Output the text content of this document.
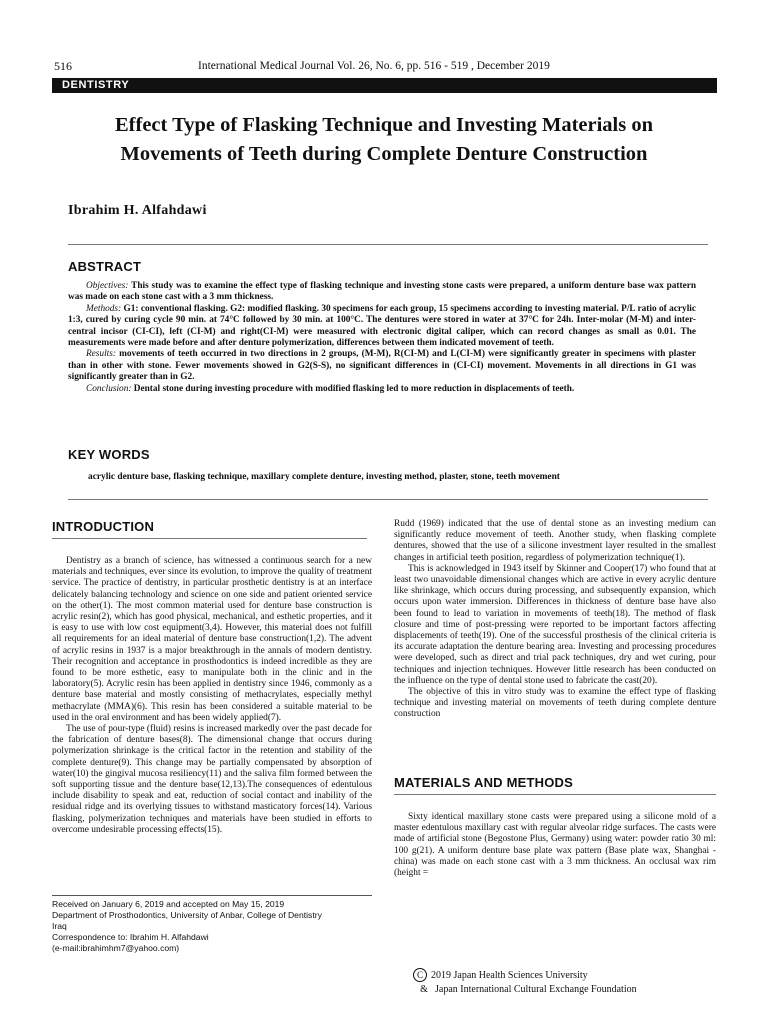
516	International Medical Journal Vol. 26, No. 6, pp. 516 - 519 , December 2019
DENTISTRY
Effect Type of Flasking Technique and Investing Materials on
Movements of Teeth during Complete Denture Construction
Ibrahim H. Alfahdawi
ABSTRACT

Objectives: This study was to examine the effect type of flasking technique and investing stone casts were prepared, a uniform denture base wax pattern was made on each stone cast with a 3 mm thickness.

Methods: G1: conventional flasking. G2: modified flasking. 30 specimens for each group, 15 specimens according to investing material. P/L ratio of acrylic 1:3, cured by curing cycle 90 min. at 74°C followed by 30 min. at 100°C. The dentures were stored in water at 37°C for 24h. Inter-molar (M-M) and inter-central incisor (CI-CI), left (CI-M) and right(CI-M) were measured with electronic digital caliper, which can record changes as small as 0.01. The measurements were made before and after denture polymerization, differences between them indicated movement of teeth.

Results: movements of teeth occurred in two directions in 2 groups, (M-M), R(CI-M) and L(CI-M) were significantly greater in specimens with plaster than in other with stone. Fewer movements showed in G2(S-S), no significant differences in (CI-CI) movement. Movements in all directions in G1 was significantly greater than in G2.

Conclusion: Dental stone during investing procedure with modified flasking led to more reduction in displacements of teeth.

KEY WORDS
acrylic denture base, flasking technique, maxillary complete denture, investing method, plaster, stone, teeth movement
INTRODUCTION

Dentistry as a branch of science, has witnessed a continuous search for a new materials and techniques, ever since its evolution, to improve the quality of treatment service. The practice of dentistry, in particular prosthetic dentistry is at an interface delicately balancing technology and science on one side and patient oriented service on the other(1). The most common material used for denture base construction is acrylic resin(2), which has good physical, mechanical, and esthetic properties, and it is easy to use with low cost equipment(3,4). However, this material does not fulfill all requirements for an ideal material of denture base construction(1,2). The advent of acrylic resins in 1937 is a major breakthrough in the annals of modern dentistry. Their recognition and acceptance in prosthodontics is indeed incredible as they are found to be more esthetic, easy to manipulate both in the clinic and in the laboratory(5). Acrylic resin has been applied in dentistry since 1946, commonly as a denture base material and mostly consisting of methacrylates, especially methyl methacrylate (MMA)(6). This resin has been considered a suitable material to be used in the oral environment and has been widely applied(7).

The use of pour-type (fluid) resins is increased markedly over the past decade for the fabrication of denture bases(8). The dimensional change that occurs during polymerization shrinkage is the critical factor in the retention and stability of the complete denture(9). This change may be partially compensated by absorption of water(10) the gingival mucosa resiliency(11) and the saliva film formed between the soft supporting tissue and the denture base(12,13).The consequences of edentulous include disability to speak and eat, reduction of social contact and inability of the residual ridge and its overlying tissues to withstand masticatory forces(14). Various flasking, polymerization techniques and materials have been studied in efforts to overcome undesirable processing effects(15).

Rudd (1969) indicated that the use of dental stone as an investing medium can significantly reduce movement of teeth. Another study, when flasking complete dentures, showed that the use of a silicone investment layer resulted in the smallest changes in artificial teeth position, regardless of polymerization technique(1).

This is acknowledged in 1943 itself by Skinner and Cooper(17) who found that at least two unavoidable dimensional changes which are active in every acrylic denture like shrinkage, which occurs during processing, and subsequently expansion, which occurs upon water immersion. Differences in thickness of denture base have also been found to lead to variation in movements of teeth(18). The method of flask closure and time of post-pressing were reported to be important factors affecting displacements of teeth(19). One of the successful prosthesis of the clinical criteria is its accurate adaptation the denture bearing area. Investing and processing procedures were developed, such as direct and trial pack techniques, dry and wet curing, pour techniques and injection techniques. However little research has been conducted on the influence on the type of dental stone used to fabricate the cast(20).

The objective of this in vitro study was to examine the effect type of flasking technique and investing material on movements of teeth during complete denture construction

MATERIALS AND METHODS

Sixty identical maxillary stone casts were prepared using a silicone mold of a master edentulous maxillary cast with regular alveolar ridge surfaces. The casts were made of artificial stone (Begostone Plus, Germany) using water: powder ratio 30 ml: 100 g(21). A uniform denture base plate wax pattern (Base plate wax, Shanghai - china) was made on each stone cast with a 3 mm thickness. An occlusal wax rim (height =

Received on January 6, 2019 and accepted on May 15, 2019
Department of Prosthodontics, University of Anbar, College of Dentistry
Iraq
Correspondence to: Ibrahim H. Alfahdawi
(e-mail:ibrahimhm7@yahoo.com)
C 2019 Japan Health Sciences University
& Japan International Cultural Exchange Foundation
